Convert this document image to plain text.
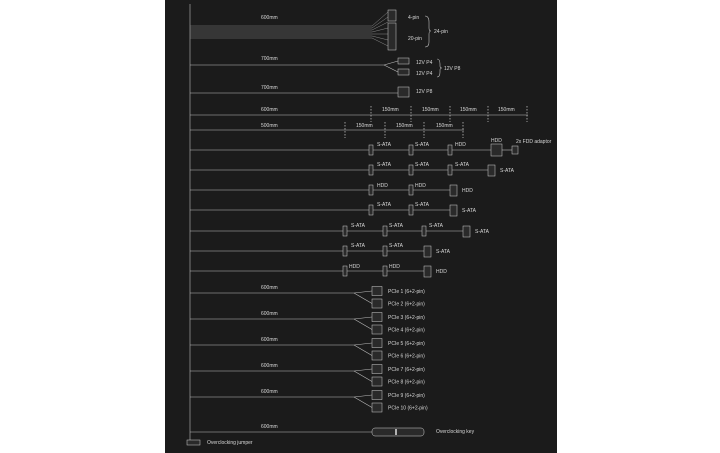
600mm	4-pin
20-pin
24-pin
700mm
12V P4
12V P4
12V P8
700mm
12V P8
600mm	150mm	150mm	150mm	150mm
500mm	150mm	150mm	150mm
S-ATA	S-ATA	HDD
HDD	2x FDD adaptor
S-ATA	S-ATA	S-ATA
S-ATA
HDD	HDD
HDD
S-ATA	S-ATA
S-ATA
S-ATA	S-ATA	S-ATA
S-ATA
S-ATA	S-ATA
S-ATA
HDD	HDD
HDD
600mm
PCIe 1 (6+2-pin)
PCIe 2 (6+2-pin)
600mm
PCIe 3 (6+2-pin)
PCIe 4 (6+2-pin)
600mm
PCIe 5 (6+2-pin)
PCIe 6 (6+2-pin)
600mm
PCIe 7 (6+2-pin)
PCIe 8 (6+2-pin)
600mm
PCIe 9 (6+2-pin)
PCIe 10 (6+2-pin)
600mm
Overclocking key
Overclocking jumper
